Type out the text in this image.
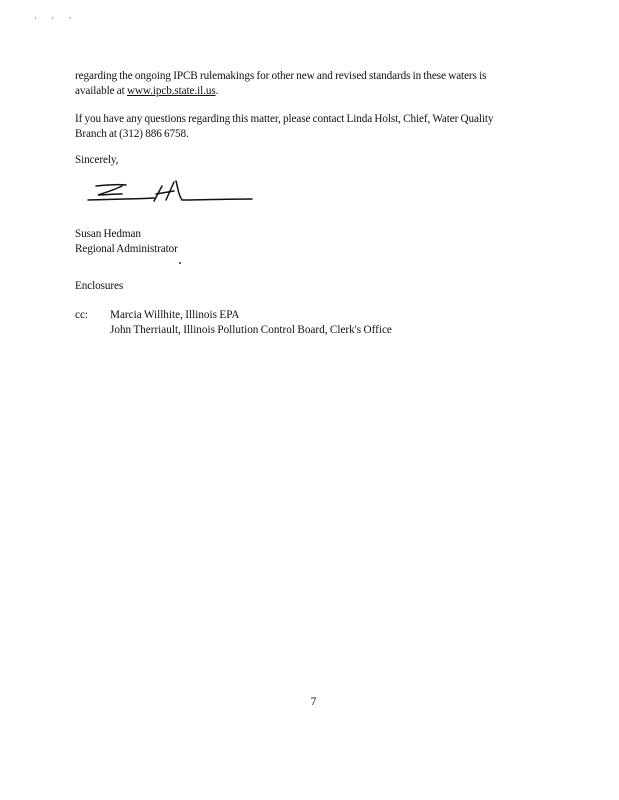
· · ·

regarding the ongoing IPCB rulemakings for other new and revised standards in these waters is
available at www.ipcb.state.il.us.

If you have any questions regarding this matter, please contact Linda Holst, Chief, Water Quality
Branch at (312) 886 6758.

Sincerely,

Susan Hedman
Regional Administrator

Enclosures

cc:	Marcia Willhite, Illinois EPA
John Therriault, Illinois Pollution Control Board, Clerk's Office
7
